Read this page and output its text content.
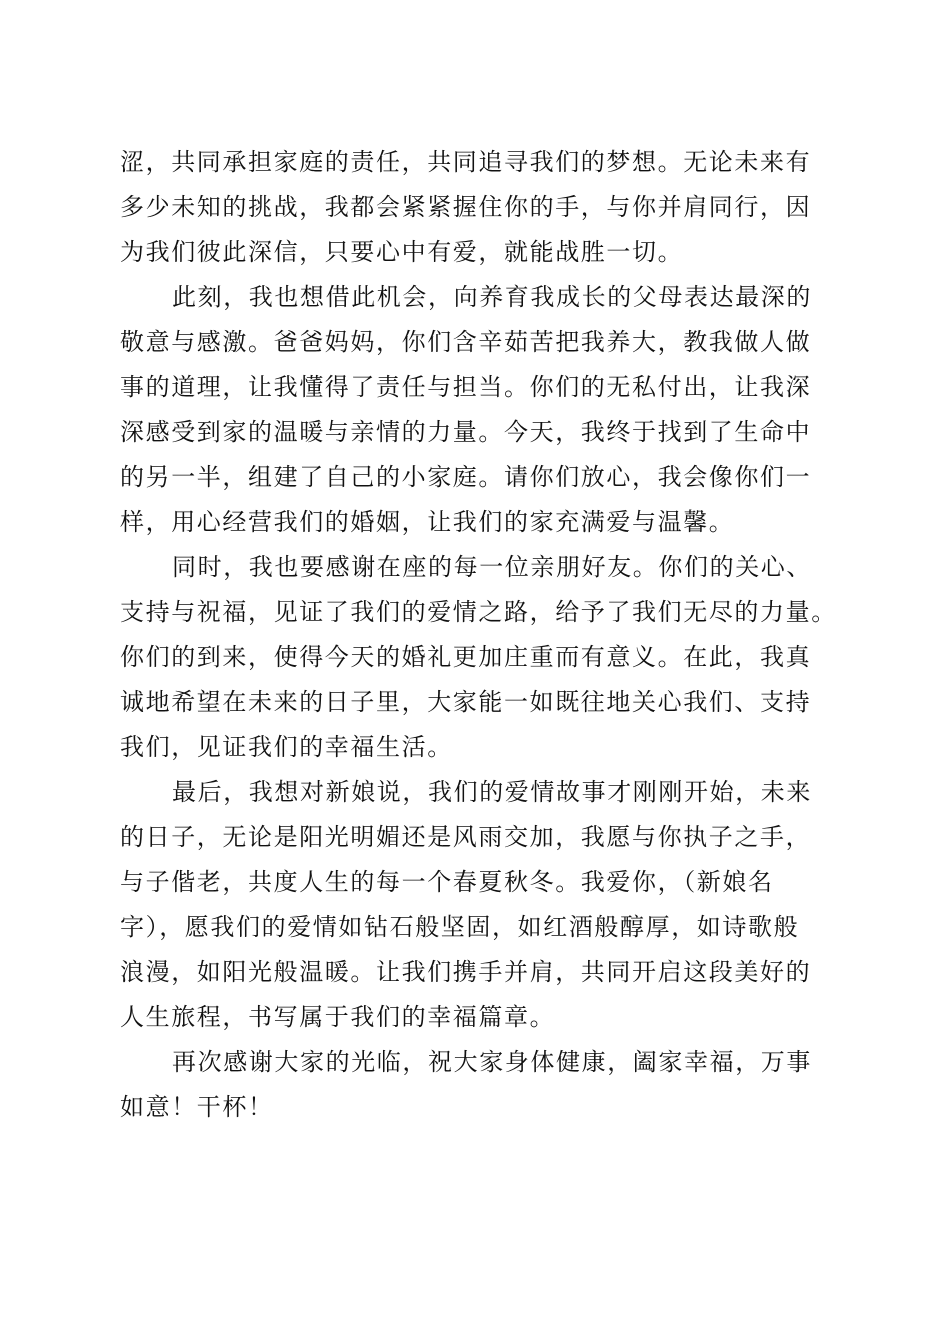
涩，共同承担家庭的责任，共同追寻我们的梦想。无论未来有
多少未知的挑战，我都会紧紧握住你的手，与你并肩同行，因
为我们彼此深信，只要心中有爱，就能战胜一切。
此刻，我也想借此机会，向养育我成长的父母表达最深的
敬意与感激。爸爸妈妈，你们含辛茹苦把我养大，教我做人做
事的道理，让我懂得了责任与担当。你们的无私付出，让我深
深感受到家的温暖与亲情的力量。今天，我终于找到了生命中
的另一半，组建了自己的小家庭。请你们放心，我会像你们一
样，用心经营我们的婚姻，让我们的家充满爱与温馨。
同时，我也要感谢在座的每一位亲朋好友。你们的关心、
支持与祝福，见证了我们的爱情之路，给予了我们无尽的力量。
你们的到来，使得今天的婚礼更加庄重而有意义。在此，我真
诚地希望在未来的日子里，大家能一如既往地关心我们、支持
我们，见证我们的幸福生活。
最后，我想对新娘说，我们的爱情故事才刚刚开始，未来
的日子，无论是阳光明媚还是风雨交加，我愿与你执子之手，
与子偕老，共度人生的每一个春夏秋冬。我爱你，（新娘名
字），愿我们的爱情如钻石般坚固，如红酒般醇厚，如诗歌般
浪漫，如阳光般温暖。让我们携手并肩，共同开启这段美好的
人生旅程，书写属于我们的幸福篇章。
再次感谢大家的光临，祝大家身体健康，阖家幸福，万事
如意！干杯！
